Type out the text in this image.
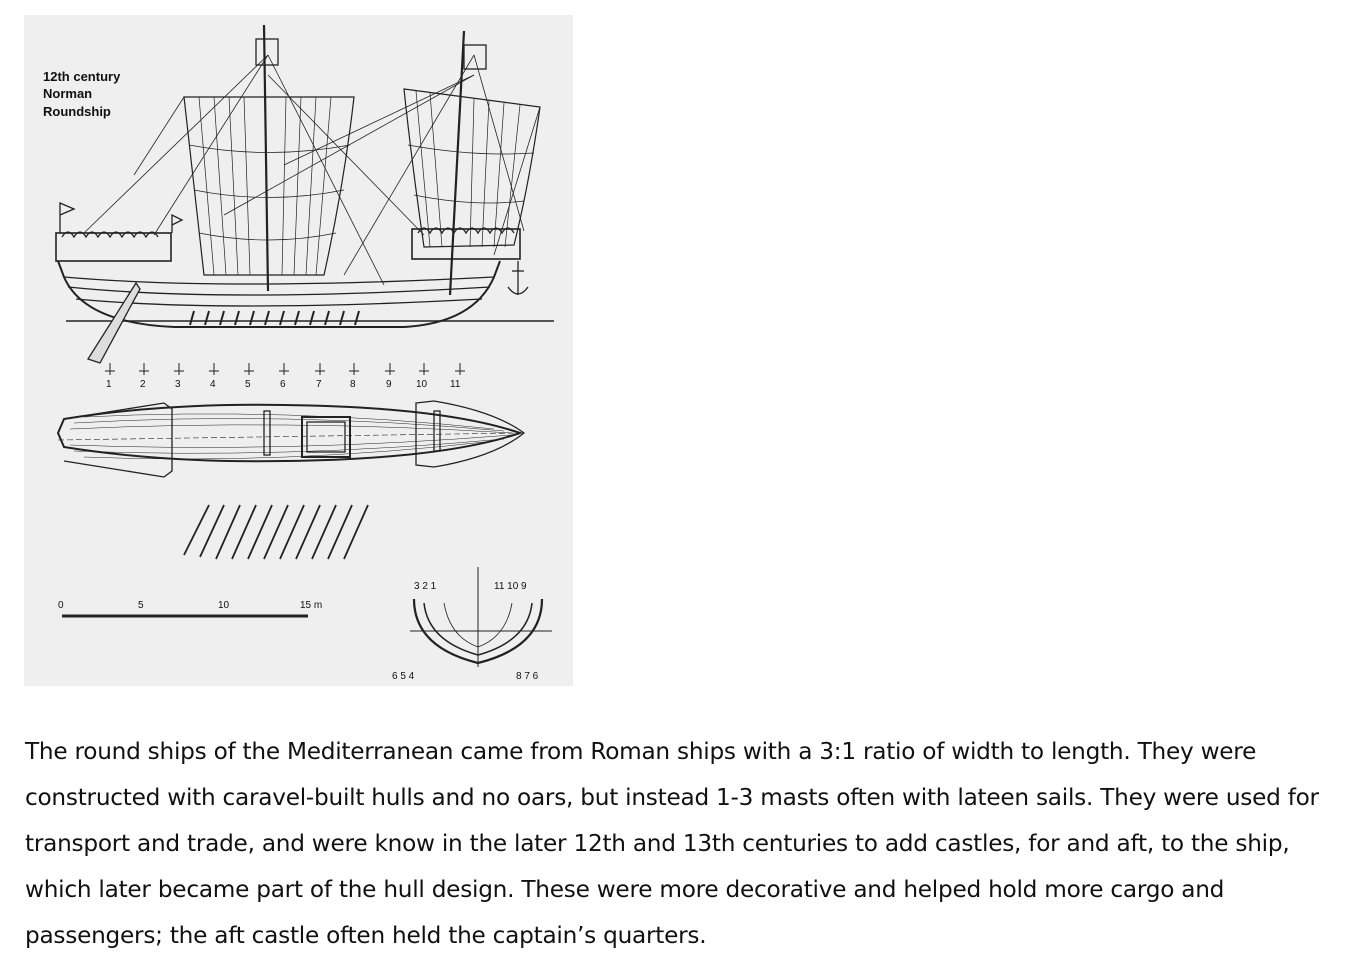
12th century
Norman
Roundship
1	2	3	4	5	6	7	8	9 10 11
0	5	10	15 m
3 2 1	11 10 9
6 5 4	8 7 6

The round ships of the Mediterranean came from Roman ships with a 3:1 ratio of width to length. They were constructed with caravel-built hulls and no oars, but instead 1-3 masts often with lateen sails. They were used for transport and trade, and were know in the later 12th and 13th centuries to add castles, for and aft, to the ship, which later became part of the hull design. These were more decorative and helped hold more cargo and passengers; the aft castle often held the captain’s quarters.
